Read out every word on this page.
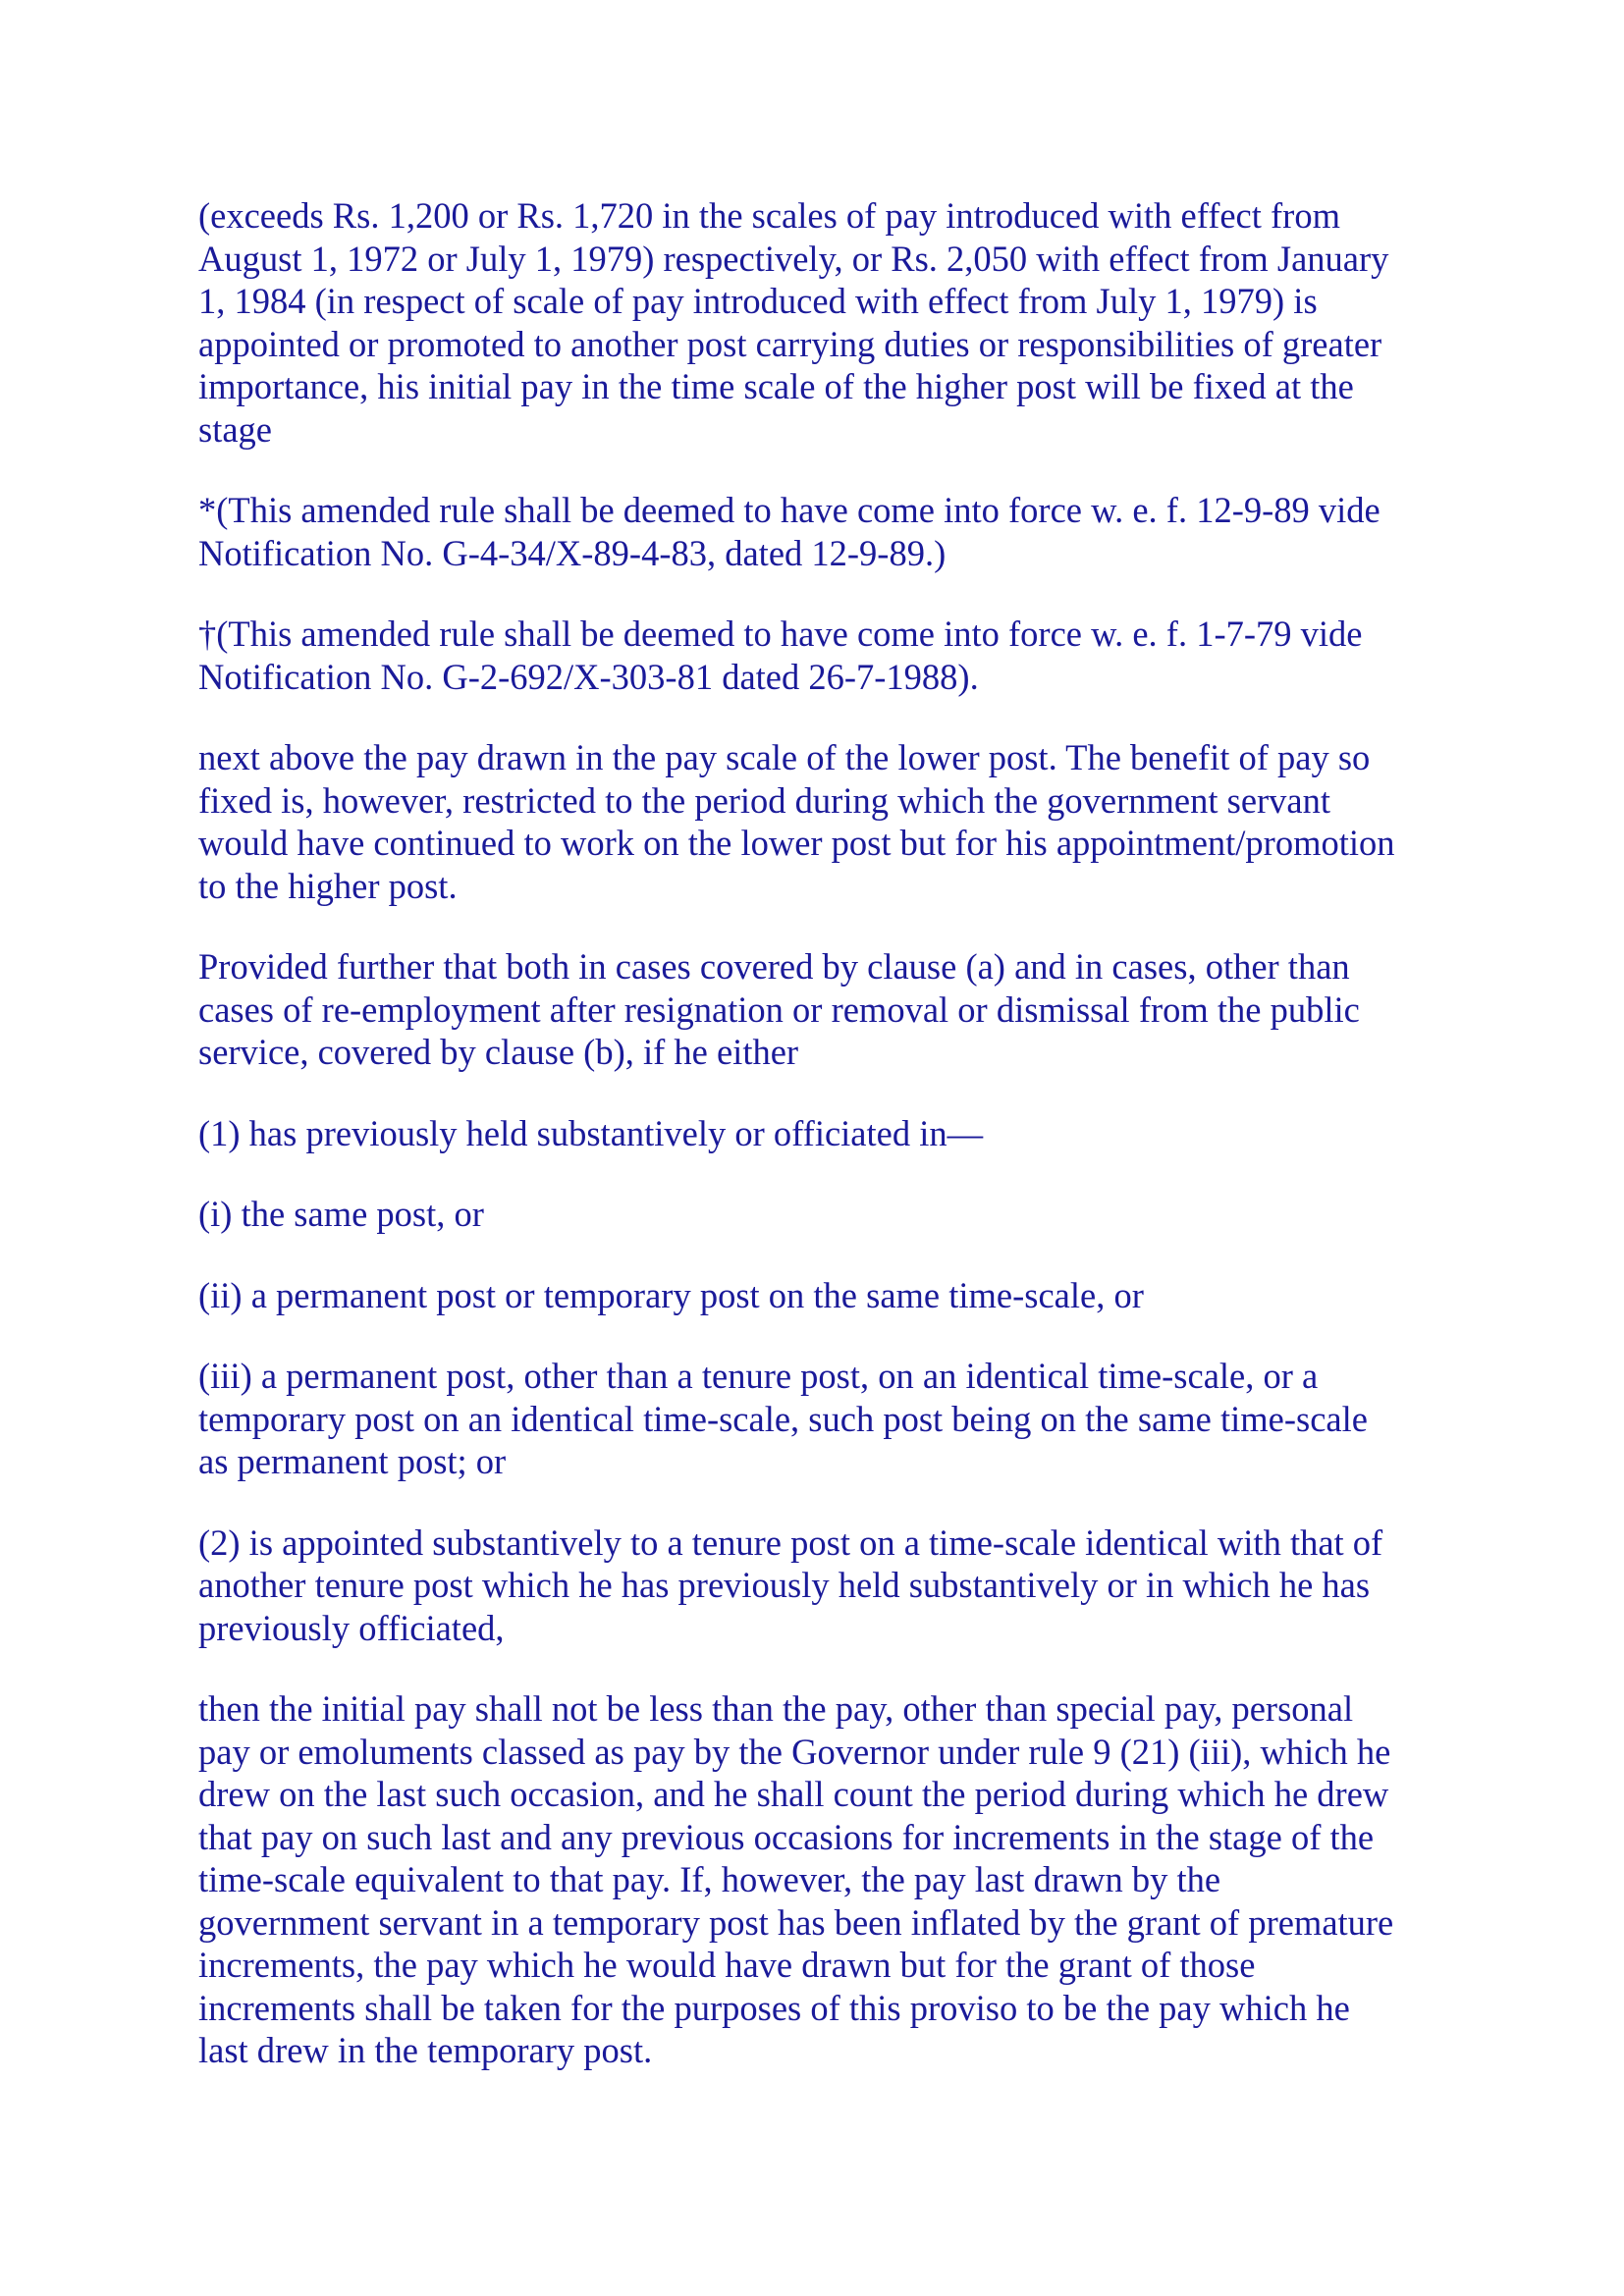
(exceeds Rs. 1,200 or Rs. 1,720 in the scales of pay introduced with effect from
August 1, 1972 or July 1, 1979) respectively, or Rs. 2,050 with effect from January
1, 1984 (in respect of scale of pay introduced with effect from July 1, 1979) is
appointed or promoted to another post carrying duties or responsibilities of greater
importance, his initial pay in the time scale of the higher post will be fixed at the
stage

*(This amended rule shall be deemed to have come into force w. e. f. 12-9-89 vide
Notification No. G-4-34/X-89-4-83, dated 12-9-89.)

†(This amended rule shall be deemed to have come into force w. e. f. 1-7-79 vide
Notification No. G-2-692/X-303-81 dated 26-7-1988).

next above the pay drawn in the pay scale of the lower post. The benefit of pay so
fixed is, however, restricted to the period during which the government servant
would have continued to work on the lower post but for his appointment/promotion
to the higher post.

Provided further that both in cases covered by clause (a) and in cases, other than
cases of re-employment after resignation or removal or dismissal from the public
service, covered by clause (b), if he either

(1) has previously held substantively or officiated in—

(i) the same post, or

(ii) a permanent post or temporary post on the same time-scale, or

(iii) a permanent post, other than a tenure post, on an identical time-scale, or a
temporary post on an identical time-scale, such post being on the same time-scale
as permanent post; or

(2) is appointed substantively to a tenure post on a time-scale identical with that of
another tenure post which he has previously held substantively or in which he has
previously officiated,

then the initial pay shall not be less than the pay, other than special pay, personal
pay or emoluments classed as pay by the Governor under rule 9 (21) (iii), which he
drew on the last such occasion, and he shall count the period during which he drew
that pay on such last and any previous occasions for increments in the stage of the
time-scale equivalent to that pay. If, however, the pay last drawn by the
government servant in a temporary post has been inflated by the grant of premature
increments, the pay which he would have drawn but for the grant of those
increments shall be taken for the purposes of this proviso to be the pay which he
last drew in the temporary post.
